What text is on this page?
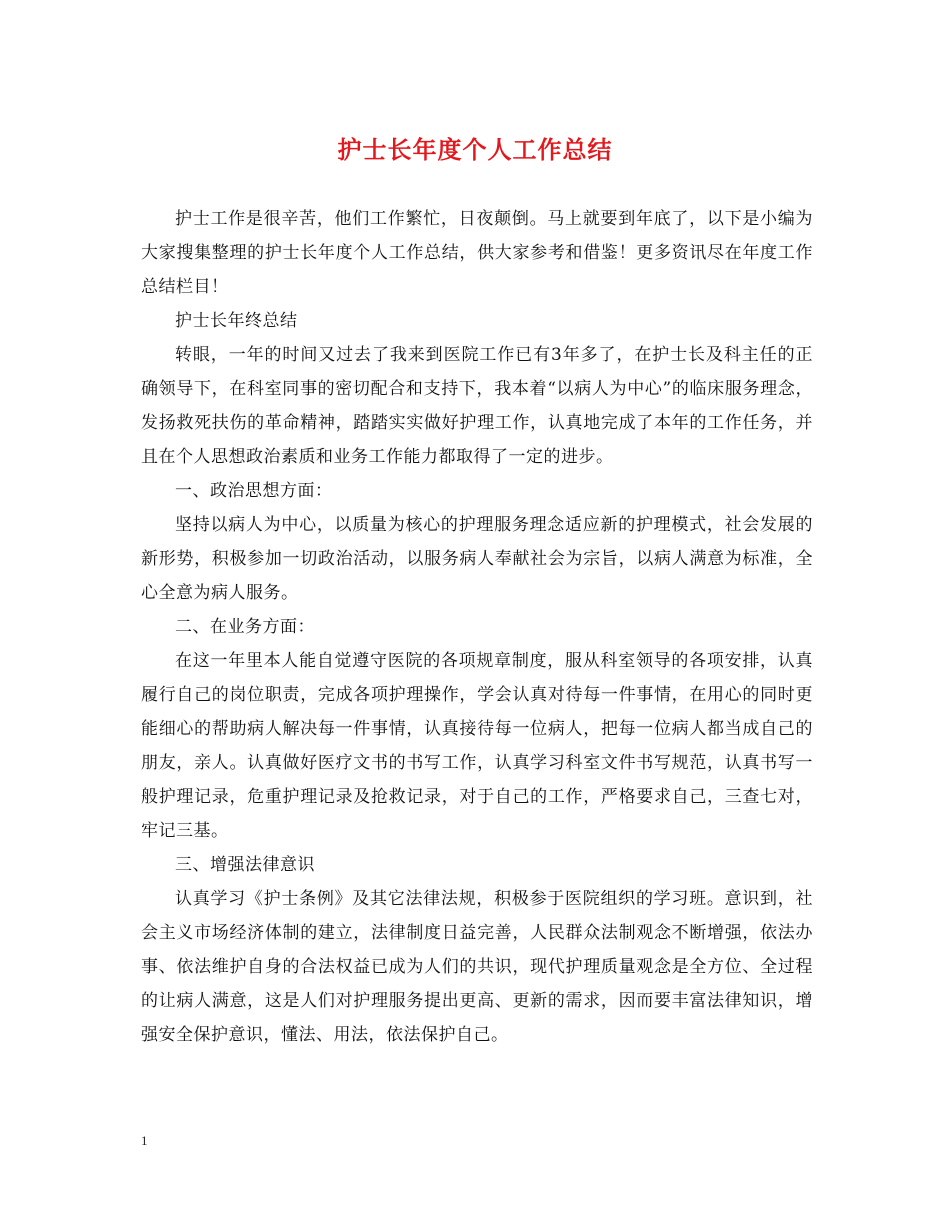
护士长年度个人工作总结

护士工作是很辛苦，他们工作繁忙，日夜颠倒。马上就要到年底了，以下是小编为大家搜集整理的护士长年度个人工作总结，供大家参考和借鉴！更多资讯尽在年度工作总结栏目！

护士长年终总结

转眼，一年的时间又过去了我来到医院工作已有3年多了，在护士长及科主任的正确领导下，在科室同事的密切配合和支持下，我本着“以病人为中心”的临床服务理念，发扬救死扶伤的革命精神，踏踏实实做好护理工作，认真地完成了本年的工作任务，并且在个人思想政治素质和业务工作能力都取得了一定的进步。

一、政治思想方面：

坚持以病人为中心，以质量为核心的护理服务理念适应新的护理模式，社会发展的新形势，积极参加一切政治活动，以服务病人奉献社会为宗旨，以病人满意为标准，全心全意为病人服务。

二、在业务方面：

在这一年里本人能自觉遵守医院的各项规章制度，服从科室领导的各项安排，认真履行自己的岗位职责，完成各项护理操作，学会认真对待每一件事情，在用心的同时更能细心的帮助病人解决每一件事情，认真接待每一位病人，把每一位病人都当成自己的朋友，亲人。认真做好医疗文书的书写工作，认真学习科室文件书写规范，认真书写一般护理记录，危重护理记录及抢救记录，对于自己的工作，严格要求自己，三查七对，牢记三基。

三、增强法律意识

认真学习《护士条例》及其它法律法规，积极参于医院组织的学习班。意识到，社会主义市场经济体制的建立，法律制度日益完善，人民群众法制观念不断增强，依法办事、依法维护自身的合法权益已成为人们的共识，现代护理质量观念是全方位、全过程的让病人满意，这是人们对护理服务提出更高、更新的需求，因而要丰富法律知识，增强安全保护意识，懂法、用法，依法保护自己。

1
